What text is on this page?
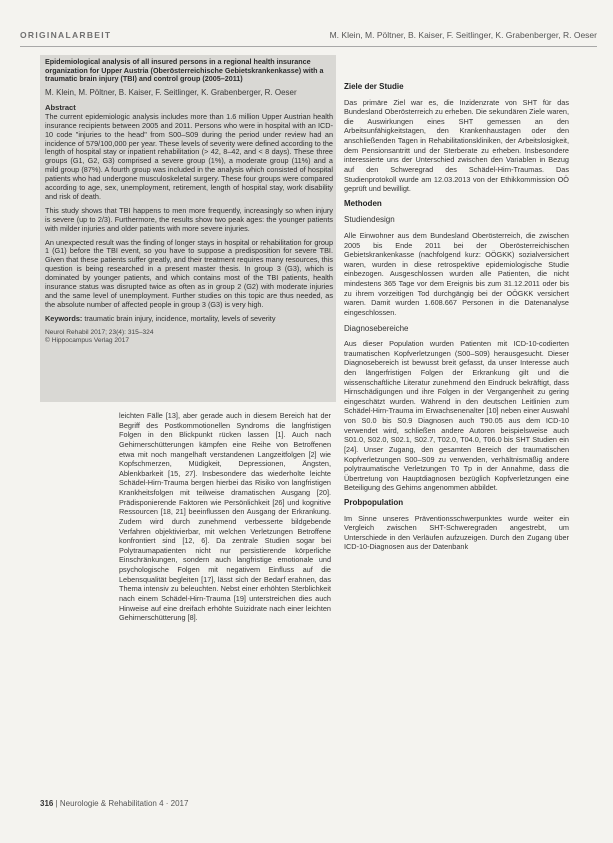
ORIGINALARBEIT	M. Klein, M. Pöltner, B. Kaiser, F. Seitlinger, K. Grabenberger, R. Oeser
Epidemiological analysis of all insured persons in a regional health insurance organization for Upper Austria (Oberösterreichische Gebietskrankenkasse) with a traumatic brain injury (TBI) and control group (2005–2011)
M. Klein, M. Pöltner, B. Kaiser, F. Seitlinger, K. Grabenberger, R. Oeser
Abstract

The current epidemiologic analysis includes more than 1.6 million Upper Austrian health insurance recipients between 2005 and 2011. Persons who were in hospital with an ICD-10 code "injuries to the head" from S00–S09 during the period under review had an incidence of 579/100,000 per year. These levels of severity were defined according to the length of hospital stay or inpatient rehabilitation (> 42, 8–42, and < 8 days). These three groups (G1, G2, G3) comprised a severe group (1%), a moderate group (11%) and a mild group (87%). A fourth group was included in the analysis which consisted of hospital patients who had undergone musculoskeletal surgery. These four groups were compared according to age, sex, unemployment, retirement, length of hospital stay, work disability and risk of death.

This study shows that TBI happens to men more frequently, increasingly so when injury is severe (up to 2/3). Furthermore, the results show two peak ages: the younger patients with milder injuries and older patients with more severe injuries.

An unexpected result was the finding of longer stays in hospital or rehabilitation for group 1 (G1) before the TBI event, so you have to suppose a predisposition for severe TBI. Given that these patients suffer greatly, and their treatment requires many resources, this question is being researched in a present master thesis. In group 3 (G3), which is dominated by younger patients, and which contains most of the TBI patients, health insurance status was disrupted twice as often as in group 2 (G2) with moderate injuries and the same level of unemployment. Further studies on this topic are thus needed, as the absolute number of affected people in group 3 (G3) is very high.

Keywords: traumatic brain injury, incidence, mortality, levels of severity

Neurol Rehabil 2017; 23(4): 315–324
© Hippocampus Verlag 2017

leichten Fälle [13], aber gerade auch in diesem Bereich hat der Begriff des Postkommotionellen Syndroms die langfristigen Folgen in den Blickpunkt rücken lassen [1]. Auch nach Gehirnerschütterungen kämpfen eine Reihe von Betroffenen etwa mit noch mangelhaft verstandenen Langzeitfolgen [2] wie Kopfschmerzen, Müdigkeit, Depressionen, Ängsten, Ablenkbarkeit [15, 27]. Insbesondere das wiederholte leichte Schädel-Hirn-Trauma bergen hierbei das Risiko von langfristigen Krankheitsfolgen mit teilweise dramatischen Ausgang [20]. Prädisponierende Faktoren wie Persönlichkeit [26] und kognitive Ressourcen [18, 21] beeinflussen den Ausgang der Erkrankung. Zudem wird durch zunehmend verbesserte bildgebende Verfahren objektivierbar, mit welchen Verletzungen Betroffene konfrontiert sind [12, 6]. Da zentrale Studien sogar bei Polytraumapatienten nicht nur persistierende körperliche Einschränkungen, sondern auch langfristige emotionale und psychologische Folgen mit negativem Einfluss auf die Lebensqualität begleiten [17], lässt sich der Bedarf erahnen, das Thema intensiv zu beleuchten. Nebst einer erhöhten Sterblichkeit nach einem Schädel-Hirn-Trauma [19] unterstreichen dies auch Hinweise auf eine dreifach erhöhte Suizidrate nach einer leichten Gehirnerschütterung [8].

Ziele der Studie

Das primäre Ziel war es, die Inzidenzrate von SHT für das Bundesland Oberösterreich zu erheben. Die sekundären Ziele waren, die Auswirkungen eines SHT gemessen an den Arbeitsunfähigkeitstagen, den Krankenhaustagen oder den anschließenden Tagen in Rehabilitationskliniken, der Arbeitslosigkeit, dem Pensionsantritt und der Sterberate zu erheben. Insbesondere interessierte uns der Unterschied zwischen den Variablen in Bezug auf den Schweregrad des Schädel-Hirn-Traumas. Das Studienprotokoll wurde am 12.03.2013 von der Ethikkommission OÖ geprüft und bewilligt.

Methoden
Studiendesign

Alle Einwohner aus dem Bundesland Oberösterreich, die zwischen 2005 bis Ende 2011 bei der Oberösterreichischen Gebietskrankenkasse (nachfolgend kurz: OÖGKK) sozialversichert waren, wurden in diese retrospektive epidemiologische Studie einbezogen. Ausgeschlossen wurden alle Patienten, die nicht mindestens 365 Tage vor dem Ereignis bis zum 31.12.2011 oder bis zu ihrem vorzeitigen Tod durchgängig bei der OÖGKK versichert waren. Damit wurden 1.608.667 Personen in die Datenanalyse eingeschlossen.

Diagnosebereiche

Aus dieser Population wurden Patienten mit ICD-10-codierten traumatischen Kopfverletzungen (S00–S09) herausgesucht. Dieser Diagnosebereich ist bewusst breit gefasst, da unser Interesse auch den längerfristigen Folgen der Erkrankung gilt und die wissenschaftliche Literatur zunehmend den Eindruck bekräftigt, dass Hirnschädigungen und ihre Folgen in der Vergangenheit zu gering eingeschätzt wurden. Während in den deutschen Leitlinien zum Schädel-Hirn-Trauma im Erwachsenenalter [10] neben einer Auswahl von S0.0 bis S0.9 Diagnosen auch T90.05 aus dem ICD-10 verwendet wird, schließen andere Autoren beispielsweise auch S01.0, S02.0, S02.1, S02.7, T02.0, T04.0, T06.0 bis SHT Studien ein [24]. Unser Zugang, den gesamten Bereich der traumatischen Kopfverletzungen S00–S09 zu verwenden, verhältnismäßig andere polytraumatische Verletzungen T0 Tp in der Annahme, dass die Übertretung von Hauptdiagnosen bezüglich Kopfverletzungen eine Beteiligung des Gehirns angenommen abbildet.

Probpopulation

Im Sinne unseres Präventionsschwerpunktes wurde weiter ein Vergleich zwischen SHT-Schweregraden angestrebt, um Unterschiede in den Verläufen aufzuzeigen. Durch den Zugang über ICD-10-Diagnosen aus der Datenbank

316 | Neurologie & Rehabilitation 4 · 2017
